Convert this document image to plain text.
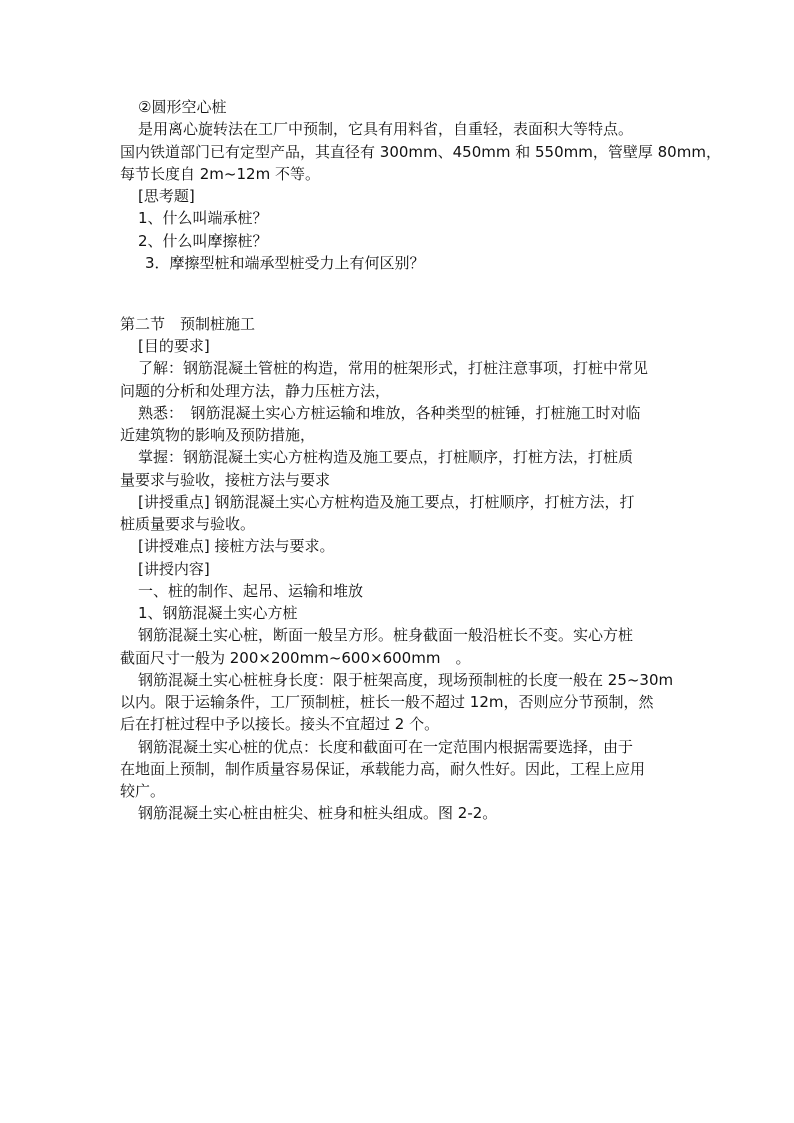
②圆形空心桩
是用离心旋转法在工厂中预制，它具有用料省，自重轻，表面积大等特点。
国内铁道部门已有定型产品，其直径有 300mm、450mm 和 550mm，管壁厚 80mm，
每节长度自 2m~12m 不等。
[思考题]
1、什么叫端承桩？
2、什么叫摩擦桩？
3．摩擦型桩和端承型桩受力上有何区别？
第二节　预制桩施工
[目的要求]
了解：钢筋混凝土管桩的构造，常用的桩架形式，打桩注意事项，打桩中常见
问题的分析和处理方法，静力压桩方法，
熟悉：　钢筋混凝土实心方桩运输和堆放，各种类型的桩锤，打桩施工时对临
近建筑物的影响及预防措施，
掌握：钢筋混凝土实心方桩构造及施工要点，打桩顺序，打桩方法，打桩质
量要求与验收，接桩方法与要求
[讲授重点] 钢筋混凝土实心方桩构造及施工要点，打桩顺序，打桩方法，打
桩质量要求与验收。
[讲授难点] 接桩方法与要求。
[讲授内容]
一、桩的制作、起吊、运输和堆放
1、钢筋混凝土实心方桩
钢筋混凝土实心桩，断面一般呈方形。桩身截面一般沿桩长不变。实心方桩
截面尺寸一般为 200×200mm~600×600mm　。
钢筋混凝土实心桩桩身长度：限于桩架高度，现场预制桩的长度一般在 25~30m
以内。限于运输条件，工厂预制桩，桩长一般不超过 12m，否则应分节预制，然
后在打桩过程中予以接长。接头不宜超过 2 个。
钢筋混凝土实心桩的优点：长度和截面可在一定范围内根据需要选择，由于
在地面上预制，制作质量容易保证，承载能力高，耐久性好。因此，工程上应用
较广。
钢筋混凝土实心桩由桩尖、桩身和桩头组成。图 2-2。
